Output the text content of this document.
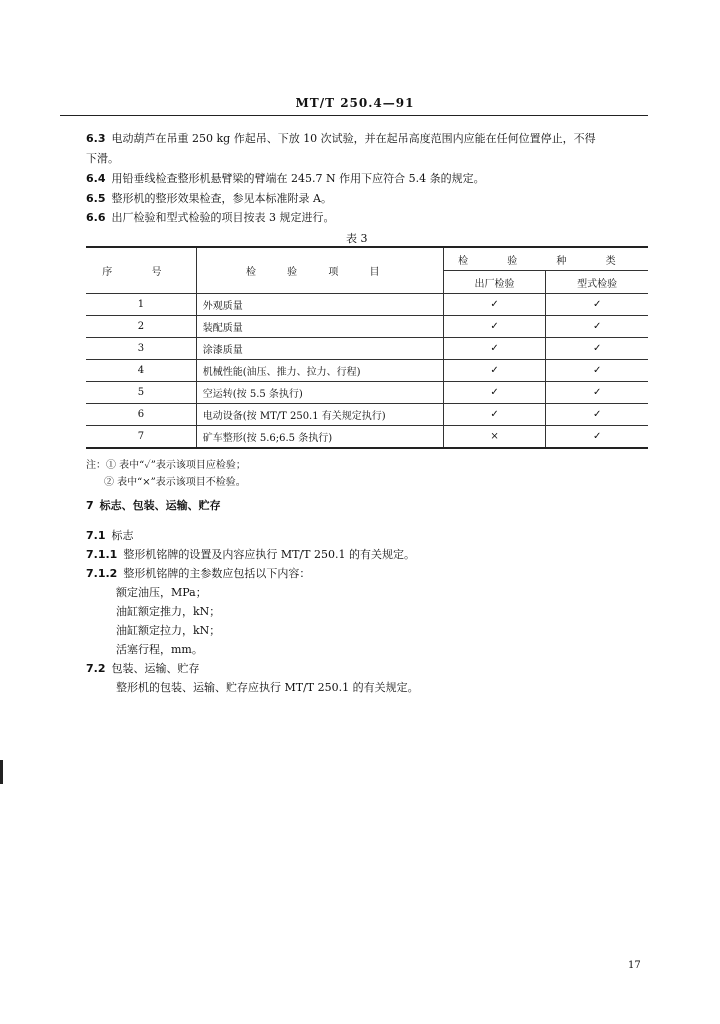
MT/T 250.4—91
6.3 电动葫芦在吊重 250 kg 作起吊、下放 10 次试验，并在起吊高度范围内应能在任何位置停止，不得
下滑。
6.4 用铅垂线检查整形机悬臂梁的臂端在 245.7 N 作用下应符合 5.4 条的规定。
6.5 整形机的整形效果检查，参见本标准附录 A。
6.6 出厂检验和型式检验的项目按表 3 规定进行。
表 3
序 号	检 验 项 目	检 验 种 类	
		出厂检验	型式检验
1	外观质量	✓	✓
2	装配质量	✓	✓
3	涂漆质量	✓	✓
4	机械性能(油压、推力、拉力、行程)	✓	✓
5	空运转(按 5.5 条执行)	✓	✓
6	电动设备(按 MT/T 250.1 有关规定执行)	✓	✓
7	矿车整形(按 5.6;6.5 条执行)	×	✓
注：① 表中“✓”表示该项目应检验；
② 表中“×”表示该项目不检验。
7 标志、包装、运输、贮存
7.1 标志
7.1.1 整形机铭牌的设置及内容应执行 MT/T 250.1 的有关规定。
7.1.2 整形机铭牌的主参数应包括以下内容：
额定油压，MPa；
油缸额定推力，kN；
油缸额定拉力，kN；
活塞行程，mm。
7.2 包装、运输、贮存
整形机的包装、运输、贮存应执行 MT/T 250.1 的有关规定。
17
